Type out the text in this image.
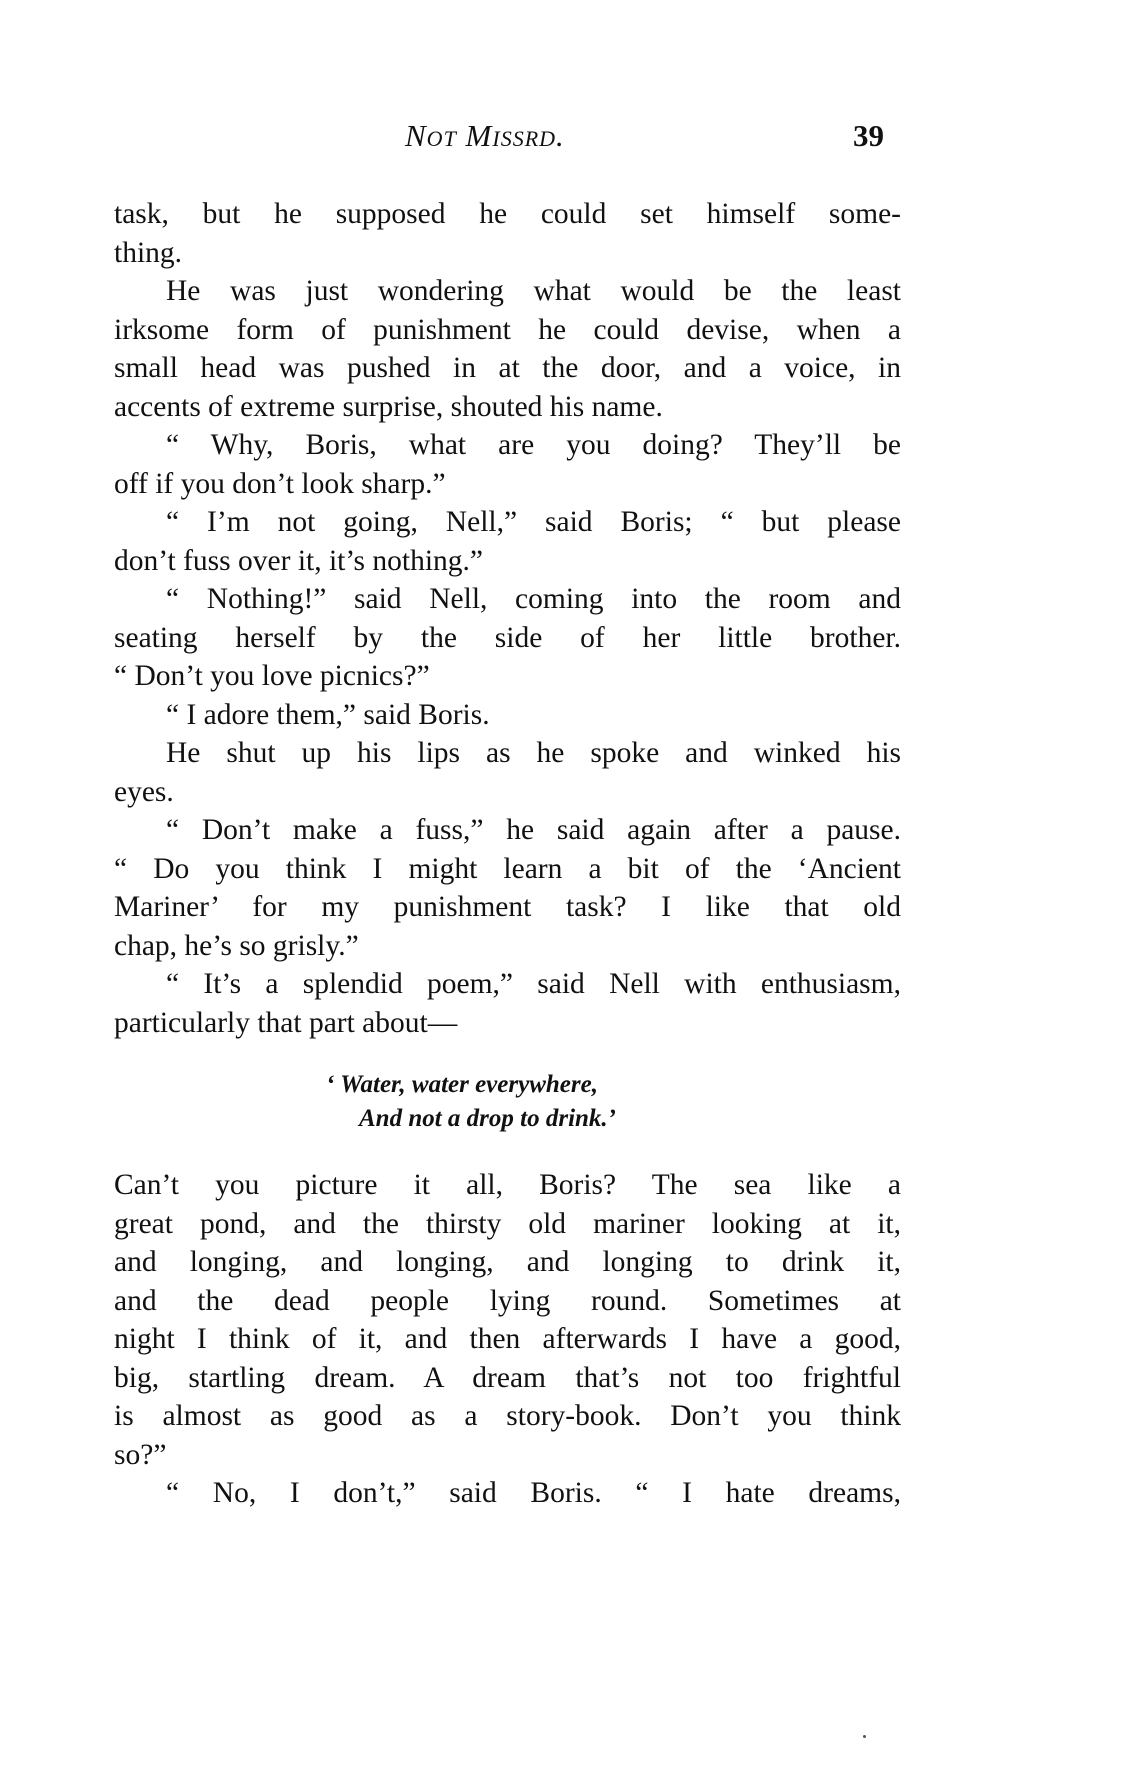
Not Missrd.	39
task, but he supposed he could set himself some-
thing.
He was just wondering what would be the least
irksome form of punishment he could devise, when a
small head was pushed in at the door, and a voice, in
accents of extreme surprise, shouted his name.
“ Why, Boris, what are you doing? They’ll be
off if you don’t look sharp.”
“ I’m not going, Nell,” said Boris; “ but please
don’t fuss over it, it’s nothing.”
“ Nothing!” said Nell, coming into the room and
seating herself by the side of her little brother.
“ Don’t you love picnics?”
“ I adore them,” said Boris.
He shut up his lips as he spoke and winked his
eyes.
“ Don’t make a fuss,” he said again after a pause.
“ Do you think I might learn a bit of the ‘Ancient
Mariner’ for my punishment task? I like that old
chap, he’s so grisly.”
“ It’s a splendid poem,” said Nell with enthusiasm,
particularly that part about—
‘ Water, water everywhere,
And not a drop to drink.’
Can’t you picture it all, Boris? The sea like a
great pond, and the thirsty old mariner looking at it,
and longing, and longing, and longing to drink it,
and the dead people lying round. Sometimes at
night I think of it, and then afterwards I have a good,
big, startling dream. A dream that’s not too frightful
is almost as good as a story-book. Don’t you think
so?”
“ No, I don’t,” said Boris. “ I hate dreams,
